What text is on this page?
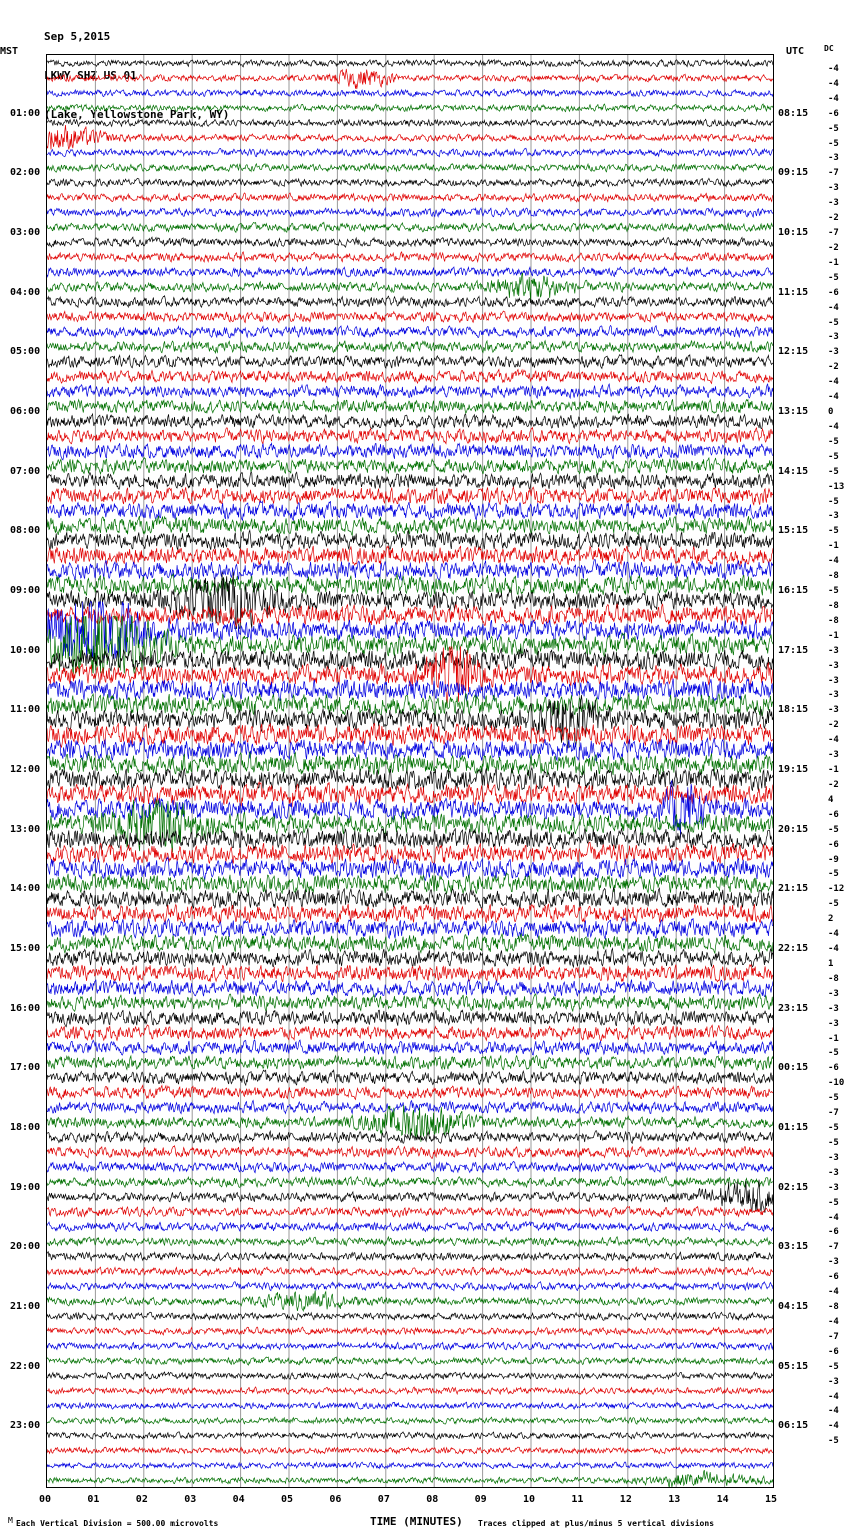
Sep 5,2015

LKWY SHZ US 01

(Lake, Yellowstone Park, WY)

MST	UTC DC
01:00
02:00
03:00
04:00
05:00
06:00
07:00
08:00
09:00
10:00
11:00
12:00
13:00
14:00
15:00
16:00
17:00
18:00
19:00
20:00
21:00
22:00
23:00
08:15
09:15
10:15
11:15
12:15
13:15
14:15
15:15
16:15
17:15
18:15
19:15
20:15
21:15
22:15
23:15
00:15
01:15
02:15
03:15
04:15
05:15
06:15
-4
-4
-4
-6
-5
-5
-3
-7
-3
-3
-2
-7
-2
-1
-5
-6
-4
-5
-3
-3
-2
-4
-4
0
-4
-5
-5
-5
-13
-5
-3
-5
-1
-4
-8
-5
-8
-8
-1
-3
-3
-3
-3
-3
-2
-4
-3
-1
-2
4
-6
-5
-6
-9
-5
-12
-5
2
-4
-4
1
-8
-3
-3
-3
-1
-5
-6
-10
-5
-7
-5
-5
-3
-3
-3
-5
-4
-6
-7
-3
-6
-4
-8
-4
-7
-6
-5
-3
-4
-4
-4
-5
00	01	02	03	04	05	06	07	08	09	10	11	12	13	14	15
M Each Vertical Division = 500.00 microvolts	TIME (MINUTES) Traces clipped at plus/minus 5 vertical divisions
